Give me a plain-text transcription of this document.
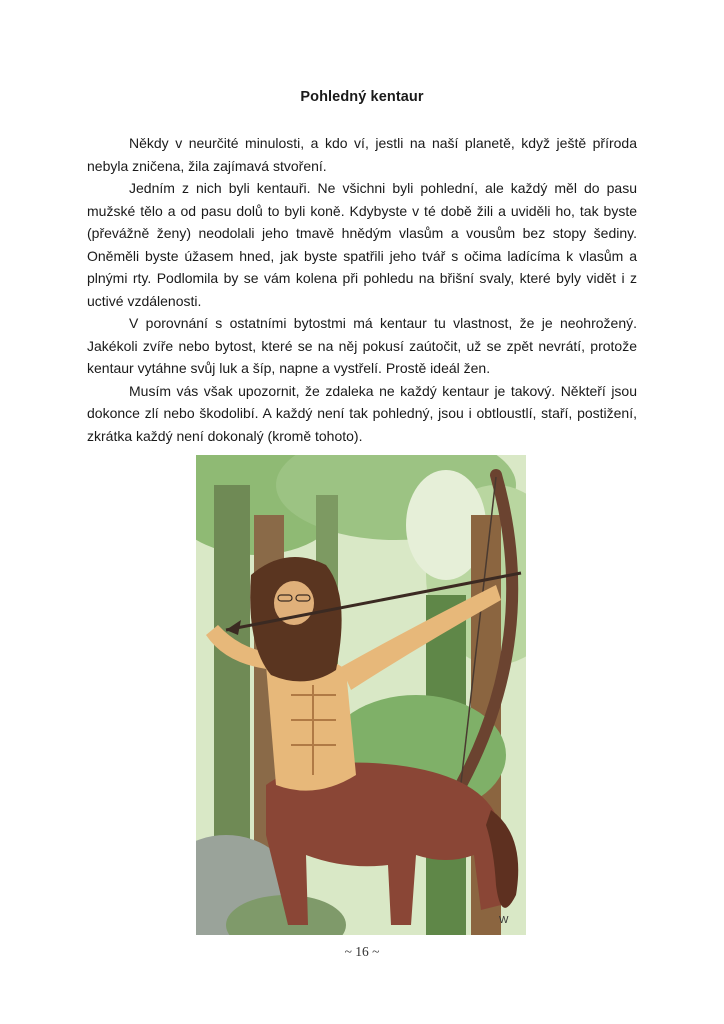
Pohledný kentaur

Někdy v neurčité minulosti, a kdo ví, jestli na naší planetě, když ještě příroda nebyla zničena, žila zajímavá stvoření.

Jedním z nich byli kentauři. Ne všichni byli pohlední, ale každý měl do pasu mužské tělo a od pasu dolů to byli koně. Kdybyste v té době žili a uviděli ho, tak byste (převážně ženy) neodolali jeho tmavě hnědým vlasům a vousům bez stopy šediny. Oněměli byste úžasem hned, jak byste spatřili jeho tvář s očima ladícíma k vlasům a plnými rty. Podlomila by se vám kolena při pohledu na břišní svaly, které byly vidět i z uctivé vzdálenosti.

V porovnání s ostatními bytostmi má kentaur tu vlastnost, že je neohrožený. Jakékoli zvíře nebo bytost, které se na něj pokusí zaútočit, už se zpět nevrátí, protože kentaur vytáhne svůj luk a šíp, napne a vystřelí. Prostě ideál žen.

Musím vás však upozornit, že zdaleka ne každý kentaur je takový. Někteří jsou dokonce zlí nebo škodolibí. A každý není tak pohledný, jsou i obtloustlí, staří, postižení, zkrátka každý není dokonalý (kromě tohoto).

W
~ 16 ~
